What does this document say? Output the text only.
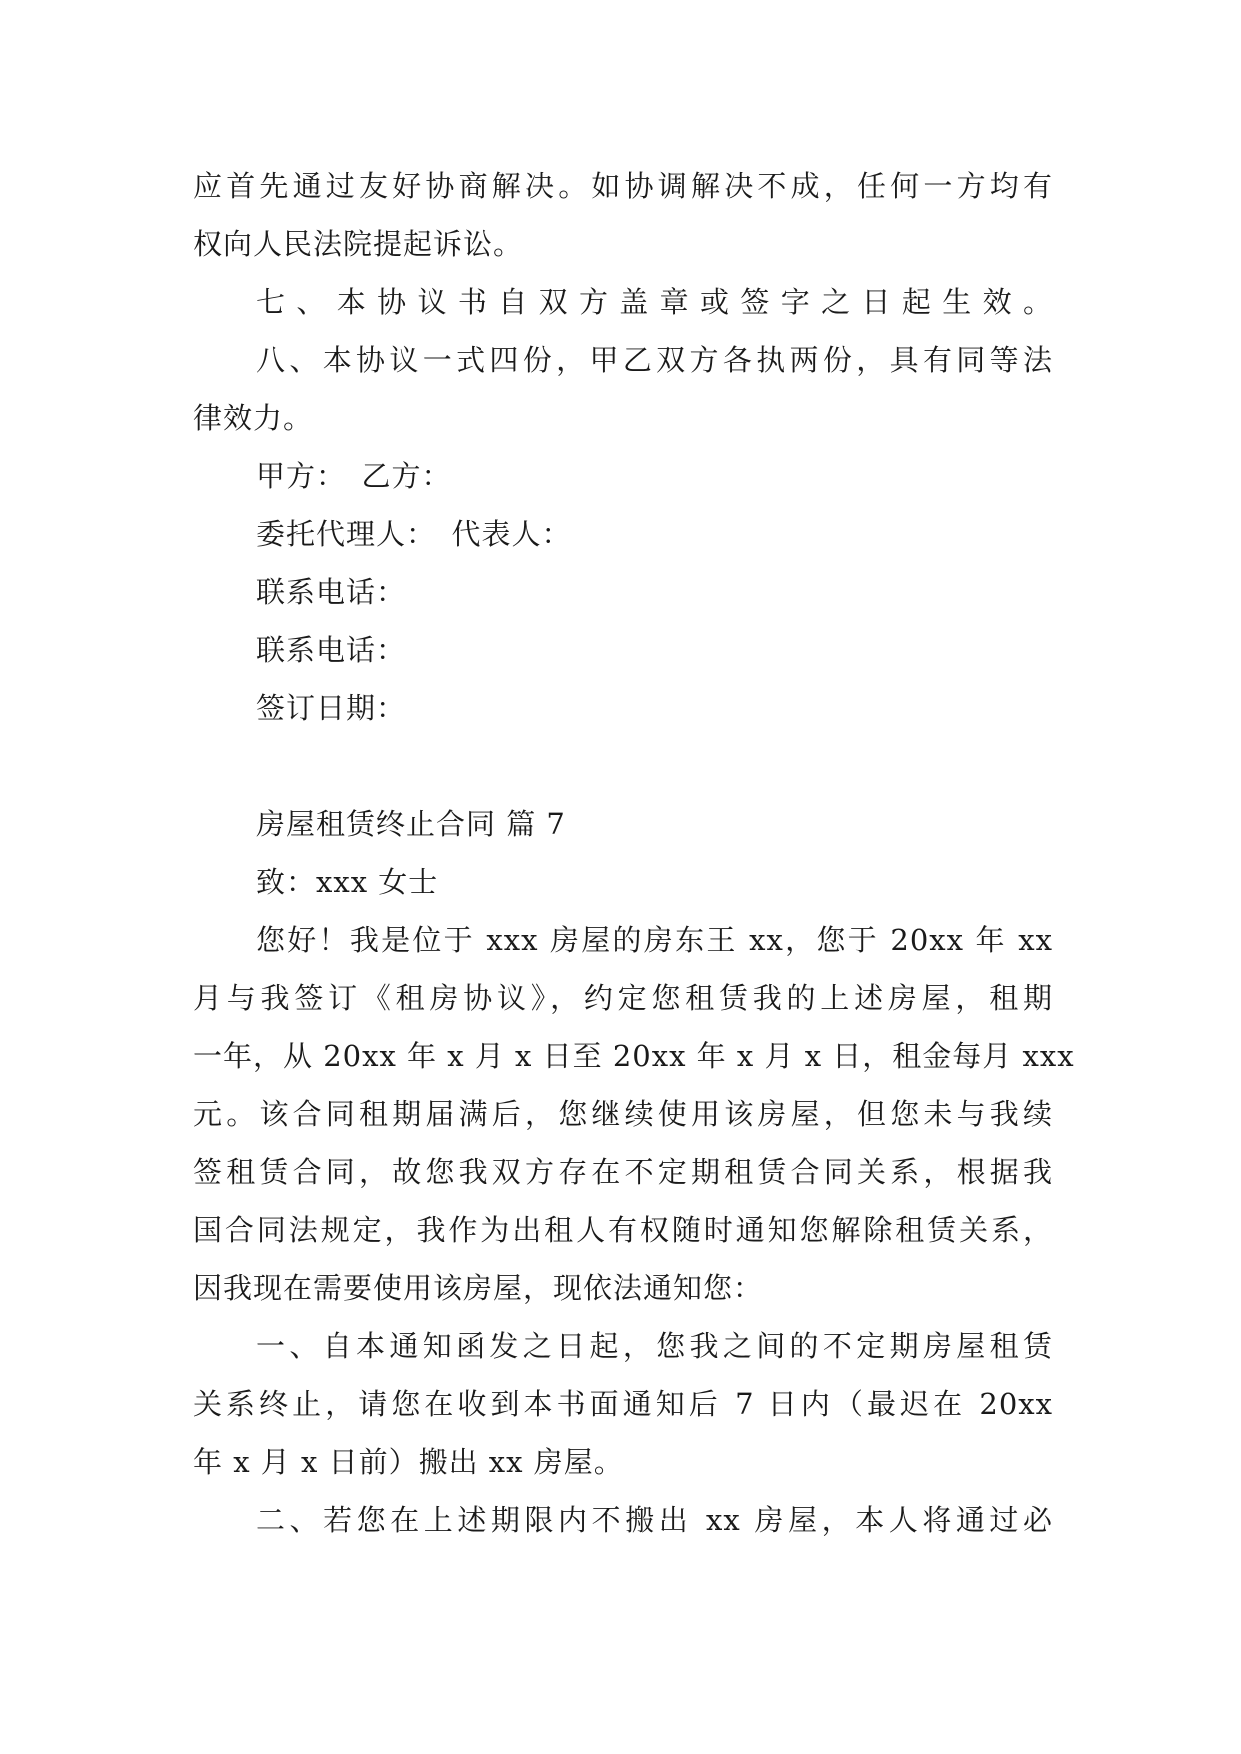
应首先通过友好协商解决。如协调解决不成，任何一方均有
权向人民法院提起诉讼。
七、本协议书自双方盖章或签字之日起生效。
八、本协议一式四份，甲乙双方各执两份，具有同等法
律效力。
甲方：　乙方：
委托代理人：　代表人：
联系电话：
联系电话：
签订日期：
房屋租赁终止合同 篇 7
致：xxx 女士
您好！我是位于 xxx 房屋的房东王 xx，您于 20xx 年 xx
月与我签订《租房协议》，约定您租赁我的上述房屋，租期
一年，从 20xx 年 x 月 x 日至 20xx 年 x 月 x 日，租金每月 xxx
元。该合同租期届满后，您继续使用该房屋，但您未与我续
签租赁合同，故您我双方存在不定期租赁合同关系，根据我
国合同法规定，我作为出租人有权随时通知您解除租赁关系，
因我现在需要使用该房屋，现依法通知您：
一、自本通知函发之日起，您我之间的不定期房屋租赁
关系终止，请您在收到本书面通知后 7 日内（最迟在 20xx
年 x 月 x 日前）搬出 xx 房屋。
二、若您在上述期限内不搬出 xx 房屋，本人将通过必
